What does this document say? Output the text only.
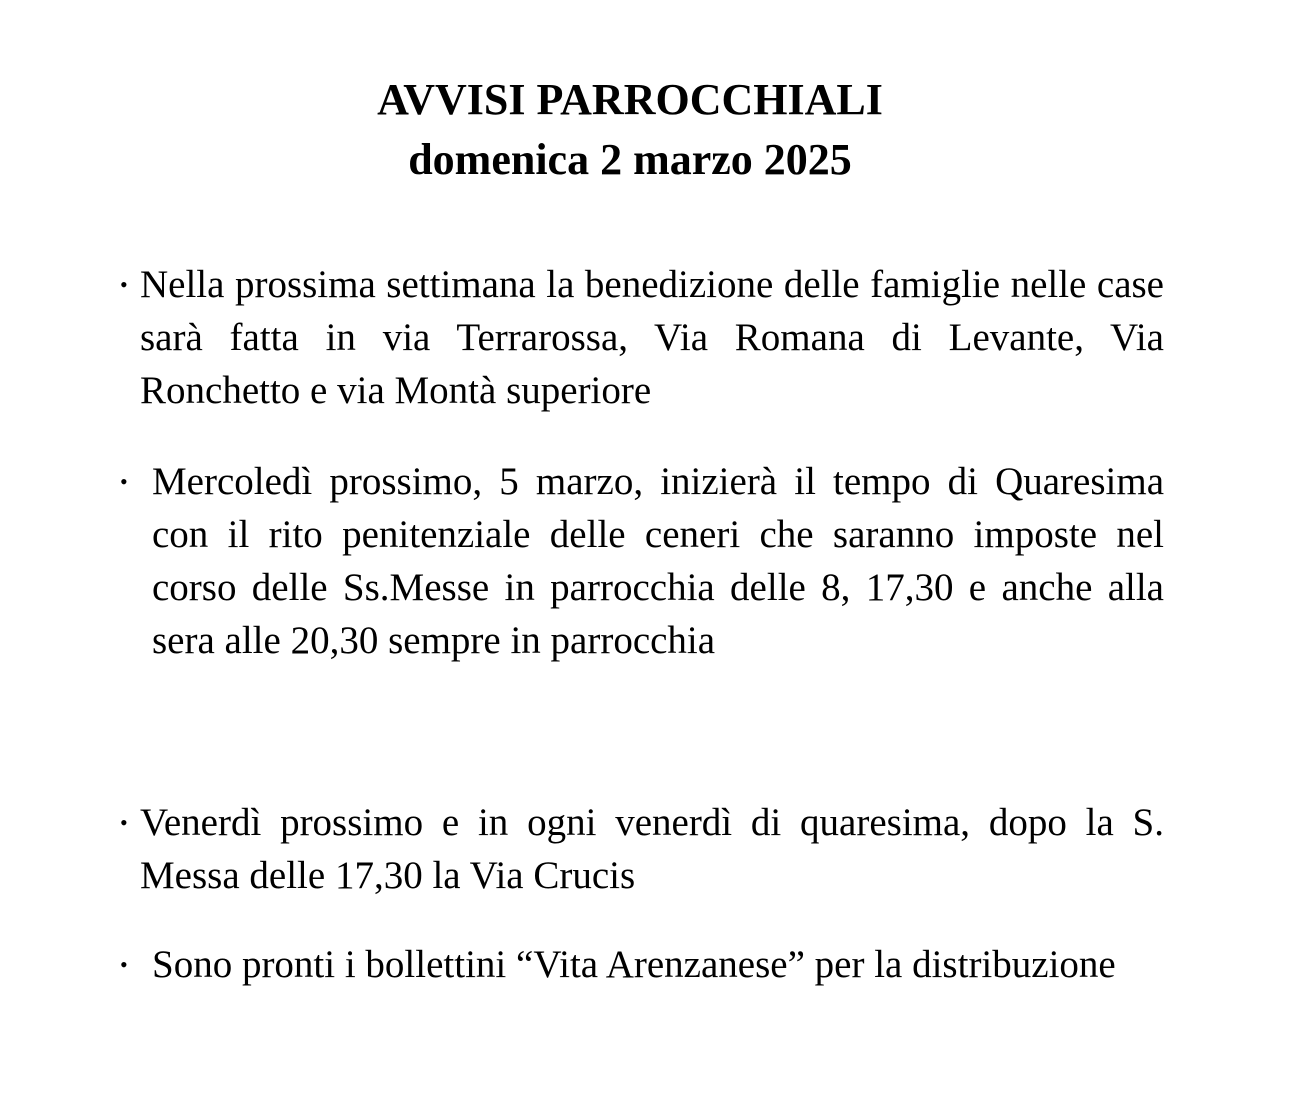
AVVISI PARROCCHIALI
domenica 2 marzo 2025
• Nella prossima settimana la benedizione delle famiglie nelle case sarà fatta in via Terrarossa, Via Romana di Levante, Via Ronchetto e via Montà superiore
• Mercoledì prossimo, 5 marzo, inizierà il tempo di Quaresima con il rito penitenziale delle ceneri che saranno imposte nel corso delle Ss.Messe in parrocchia delle 8, 17,30 e anche alla sera alle 20,30 sempre in parrocchia
• Venerdì prossimo e in ogni venerdì di quaresima, dopo la S. Messa delle 17,30 la Via Crucis
• Sono pronti i bollettini “Vita Arenzanese” per la distribuzione
